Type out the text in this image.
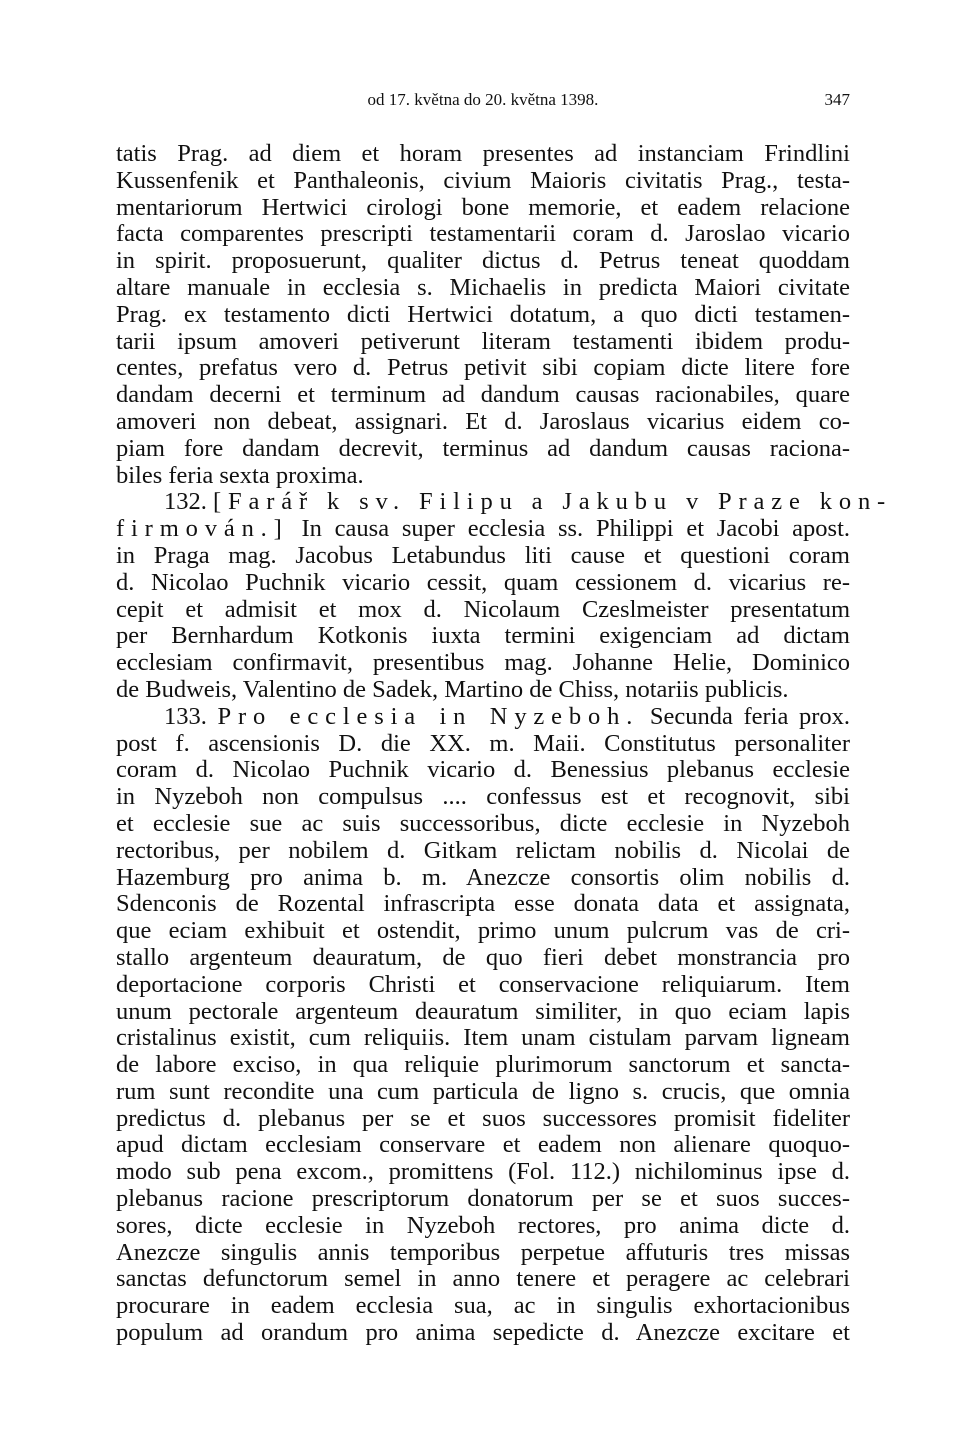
od 17. května do 20. května 1398.	347
tatis Prag. ad diem et horam presentes ad instanciam Frindlini
Kussenfenik et Panthaleonis, civium Maioris civitatis Prag., testa-
mentariorum Hertwici cirologi bone memorie, et eadem relacione
facta comparentes prescripti testamentarii coram d. Jaroslao vicario
in spirit. proposuerunt, qualiter dictus d. Petrus teneat quoddam
altare manuale in ecclesia s. Michaelis in predicta Maiori civitate
Prag. ex testamento dicti Hertwici dotatum, a quo dicti testamen-
tarii ipsum amoveri petiverunt literam testamenti ibidem produ-
centes, prefatus vero d. Petrus petivit sibi copiam dicte litere fore
dandam decerni et terminum ad dandum causas racionabiles, quare
amoveri non debeat, assignari. Et d. Jaroslaus vicarius eidem co-
piam fore dandam decrevit, terminus ad dandum causas raciona-
biles feria sexta proxima.
132. [Farář k sv. Filipu a Jakubu v Praze kon-
firmován.] In causa super ecclesia ss. Philippi et Jacobi apost.
in Praga mag. Jacobus Letabundus liti cause et questioni coram
d. Nicolao Puchnik vicario cessit, quam cessionem d. vicarius re-
cepit et admisit et mox d. Nicolaum Czeslmeister presentatum
per Bernhardum Kotkonis iuxta termini exigenciam ad dictam
ecclesiam confirmavit, presentibus mag. Johanne Helie, Dominico
de Budweis, Valentino de Sadek, Martino de Chiss, notariis publicis.
133. Pro ecclesia in Nyzeboh. Secunda feria prox.
post f. ascensionis D. die XX. m. Maii. Constitutus personaliter
coram d. Nicolao Puchnik vicario d. Benessius plebanus ecclesie
in Nyzeboh non compulsus .... confessus est et recognovit, sibi
et ecclesie sue ac suis successoribus, dicte ecclesie in Nyzeboh
rectoribus, per nobilem d. Gitkam relictam nobilis d. Nicolai de
Hazemburg pro anima b. m. Anezcze consortis olim nobilis d.
Sdenconis de Rozental infrascripta esse donata data et assignata,
que eciam exhibuit et ostendit, primo unum pulcrum vas de cri-
stallo argenteum deauratum, de quo fieri debet monstrancia pro
deportacione corporis Christi et conservacione reliquiarum. Item
unum pectorale argenteum deauratum similiter, in quo eciam lapis
cristalinus existit, cum reliquiis. Item unam cistulam parvam ligneam
de labore exciso, in qua reliquie plurimorum sanctorum et sancta-
rum sunt recondite una cum particula de ligno s. crucis, que omnia
predictus d. plebanus per se et suos successores promisit fideliter
apud dictam ecclesiam conservare et eadem non alienare quoquo-
modo sub pena excom., promittens (Fol. 112.) nichilominus ipse d.
plebanus racione prescriptorum donatorum per se et suos succes-
sores, dicte ecclesie in Nyzeboh rectores, pro anima dicte d.
Anezcze singulis annis temporibus perpetue affuturis tres missas
sanctas defunctorum semel in anno tenere et peragere ac celebrari
procurare in eadem ecclesia sua, ac in singulis exhortacionibus
populum ad orandum pro anima sepedicte d. Anezcze excitare et
